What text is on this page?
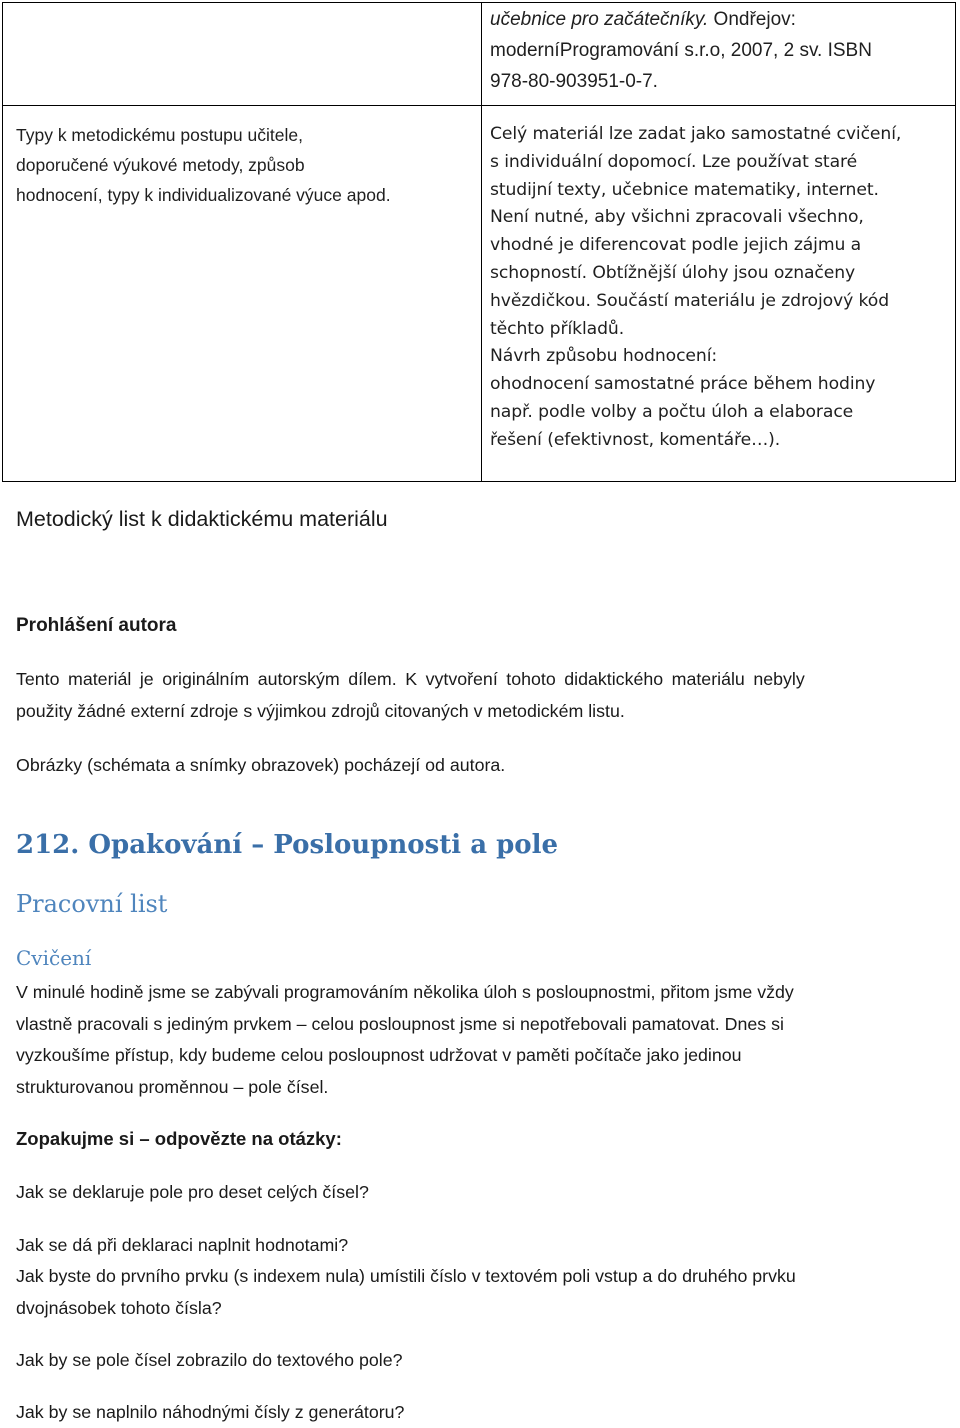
učebnice pro začátečníky. Ondřejov:
moderníProgramování s.r.o, 2007, 2 sv. ISBN
978-80-903951-0-7.
Typy k metodickému postupu učitele,
doporučené výukové metody, způsob
hodnocení, typy k individualizované výuce apod.
Celý materiál lze zadat jako samostatné cvičení,
s individuální dopomocí. Lze používat staré
studijní texty, učebnice matematiky, internet.
Není nutné, aby všichni zpracovali všechno,
vhodné je diferencovat podle jejich zájmu a
schopností. Obtížnější úlohy jsou označeny
hvězdičkou. Součástí materiálu je zdrojový kód
těchto příkladů.
Návrh způsobu hodnocení:
ohodnocení samostatné práce během hodiny
např. podle volby a počtu úloh a elaborace
řešení (efektivnost, komentáře…).
Metodický list k didaktickému materiálu
Prohlášení autora
Tento materiál je originálním autorským dílem. K vytvoření tohoto didaktického materiálu nebyly
použity žádné externí zdroje s výjimkou zdrojů citovaných v metodickém listu.
Obrázky (schémata a snímky obrazovek) pocházejí od autora.
212. Opakování – Posloupnosti a pole
Pracovní list
Cvičení
V minulé hodině jsme se zabývali programováním několika úloh s posloupnostmi, přitom jsme vždy
vlastně pracovali s jediným prvkem – celou posloupnost jsme si nepotřebovali pamatovat. Dnes si
vyzkoušíme přístup, kdy budeme celou posloupnost udržovat v paměti počítače jako jedinou
strukturovanou proměnnou – pole čísel.
Zopakujme si – odpovězte na otázky:
Jak se deklaruje pole pro deset celých čísel?
Jak se dá při deklaraci naplnit hodnotami?
Jak byste do prvního prvku (s indexem nula) umístili číslo v textovém poli vstup a do druhého prvku
dvojnásobek tohoto čísla?
Jak by se pole čísel zobrazilo do textového pole?
Jak by se naplnilo náhodnými čísly z generátoru?
